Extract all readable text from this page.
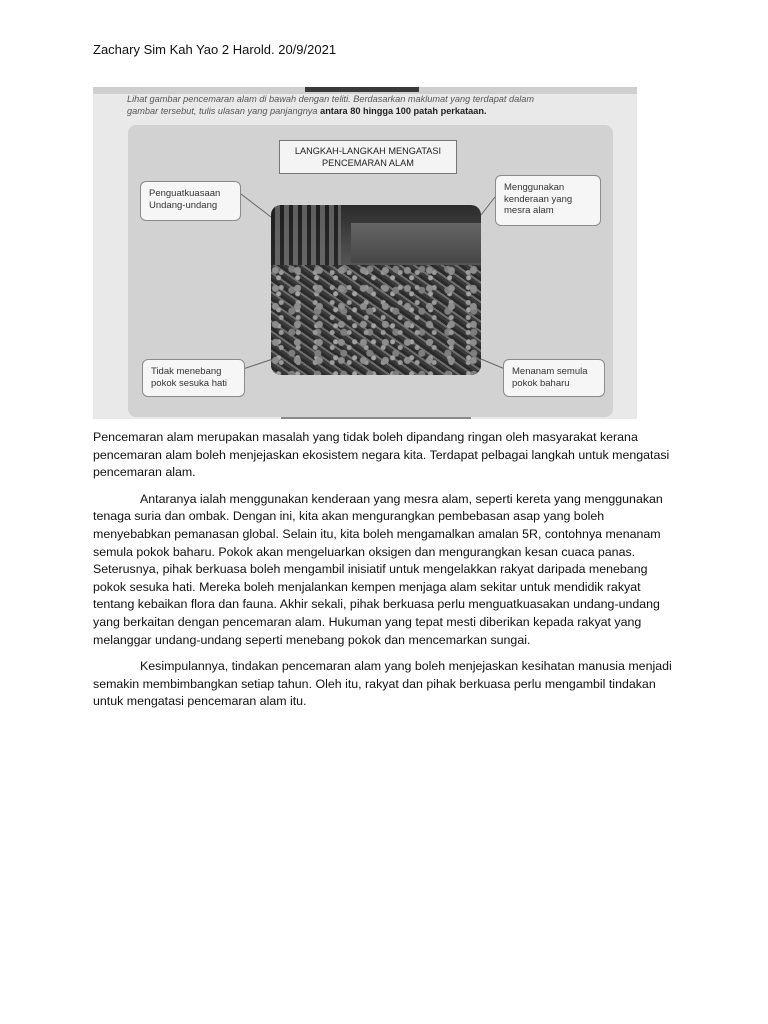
Zachary Sim Kah Yao 2 Harold. 20/9/2021
Lihat gambar pencemaran alam di bawah dengan teliti. Berdasarkan maklumat yang terdapat dalam
gambar tersebut, tulis ulasan yang panjangnya antara 80 hingga 100 patah perkataan.
LANGKAH-LANGKAH MENGATASI
PENCEMARAN ALAM
Penguatkuasaan
Undang-undang
Menggunakan
kenderaan yang
mesra alam
Tidak menebang
pokok sesuka hati
Menanam semula
pokok baharu

Pencemaran alam merupakan masalah yang tidak boleh dipandang ringan oleh masyarakat kerana pencemaran alam boleh menjejaskan ekosistem negara kita. Terdapat pelbagai langkah untuk mengatasi pencemaran alam.

Antaranya ialah menggunakan kenderaan yang mesra alam, seperti kereta yang menggunakan tenaga suria dan ombak. Dengan ini, kita akan mengurangkan pembebasan asap yang boleh menyebabkan pemanasan global. Selain itu, kita boleh mengamalkan amalan 5R, contohnya menanam semula pokok baharu. Pokok akan mengeluarkan oksigen dan mengurangkan kesan cuaca panas. Seterusnya, pihak berkuasa boleh mengambil inisiatif untuk mengelakkan rakyat daripada menebang pokok sesuka hati. Mereka boleh menjalankan kempen menjaga alam sekitar untuk mendidik rakyat tentang kebaikan flora dan fauna. Akhir sekali, pihak berkuasa perlu menguatkuasakan undang-undang yang berkaitan dengan pencemaran alam. Hukuman yang tepat mesti diberikan kepada rakyat yang melanggar undang-undang seperti menebang pokok dan mencemarkan sungai.

Kesimpulannya, tindakan pencemaran alam yang boleh menjejaskan kesihatan manusia menjadi semakin membimbangkan setiap tahun. Oleh itu, rakyat dan pihak berkuasa perlu mengambil tindakan untuk mengatasi pencemaran alam itu.
